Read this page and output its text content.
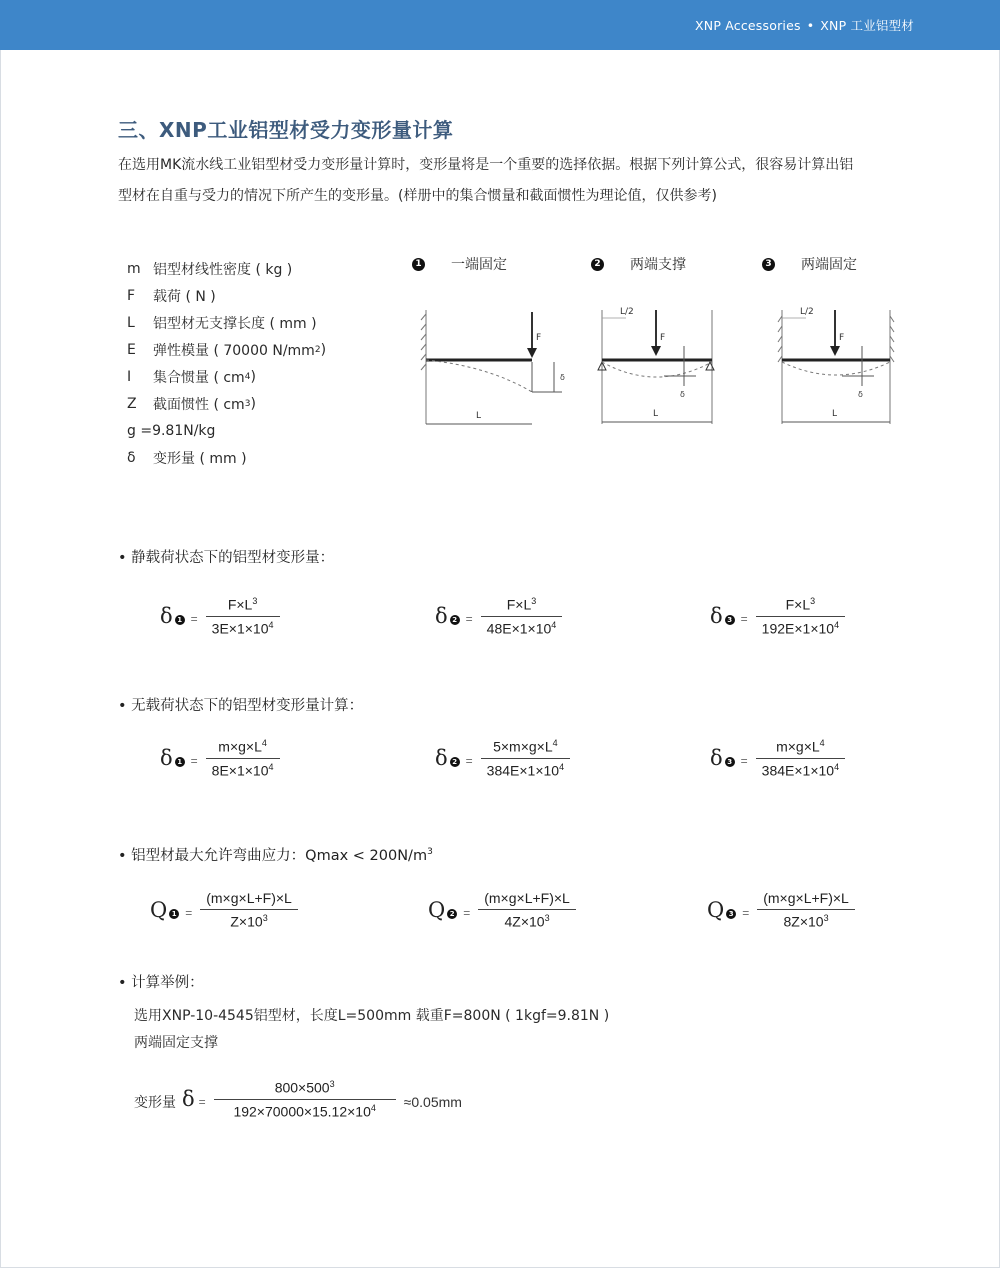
XNP Accessories • XNP 工业铝型材
三、XNP工业铝型材受力变形量计算

在选用MK流水线工业铝型材受力变形量计算时，变形量将是一个重要的选择依据。根据下列计算公式，很容易计算出铝

型材在自重与受力的情况下所产生的变形量。(样册中的集合惯量和截面惯性为理论值，仅供参考)

m 铝型材线性密度 ( kg )
F	载荷 ( N )
L	铝型材无支撑长度 ( mm )
E	弹性模量 ( 70000 N/mm 2 )
I	集合惯量 ( cm 4 )
Z	截面惯性 ( cm 3 )
g =9.81N/kg
δ	变形量 ( mm )
1 一端固定	2 两端支撑	3 两端固定
F
δ
L
L/2
F
δ
L
L/2
F
δ
L
• 静载荷状态下的铝型材变形量：
δ $1 = \frac{F\times L^3}{3E\times 1\times 10^4}$	δ $2 = \frac{F\times L^3}{48E\times 1\times 10^4}$	δ $3 = \frac{F\times L^3}{192E\times 1\times 10^4}$
• 无载荷状态下的铝型材变形量计算：
δ $1 = \frac{m\times g\times L^4}{8E\times 1\times 10^4}$	δ $2 = \frac{5\times m\times g\times L^4}{384E\times 1\times 10^4}$	δ $3 = \frac{m\times g\times L^4}{384E\times 1\times 10^4}$
• 铝型材最大允许弯曲应力：$Qmax < 200N/m^3$
Q $1 = \frac{(m\times g\times L+F)\times L}{Z\times 10^3}$	Q $2 = \frac{(m\times g\times L+F)\times L}{4Z\times 10^3}$	Q $3 = \frac{(m\times g\times L+F)\times L}{8Z\times 10^3}$
• 计算举例：
选用XNP-10-4545铝型材，长度L=500mm 载重F=800N ( 1kgf=9.81N )
两端固定支撑
变形量 $\delta = \frac{800\times 500^3}{192\times 70000\times 15.12\times 10^4} \approx 0.05mm$
